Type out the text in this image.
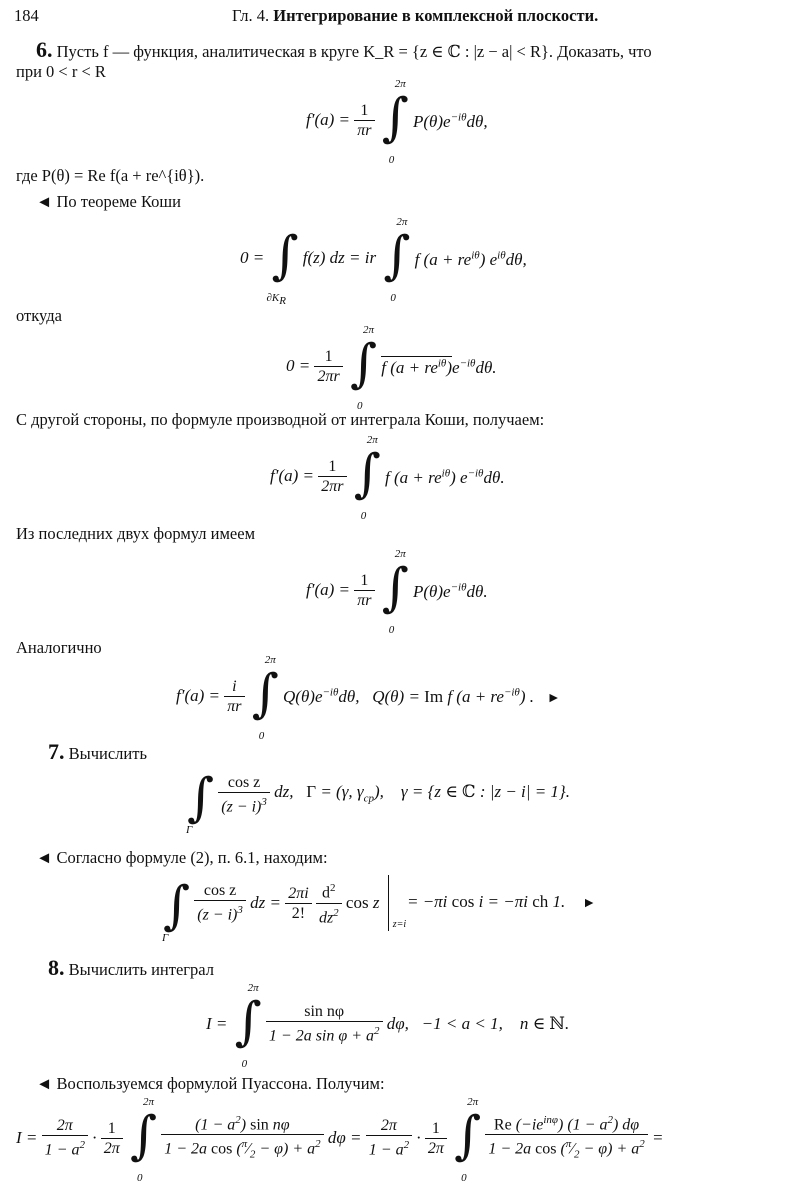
184	Гл. 4. Интегрирование в комплексной плоскости.
6. Пусть f — функция, аналитическая в круге K_R = {z ∈ ℂ : |z − a| < R}. Доказать, что
при 0 < r < R
$f'(a) = \frac{1}{\pi r}$
∫
2π
0
$P(\theta)e^{-i\theta}d\theta$,
где P(θ) = Re f(a + re^{iθ}).
◄ По теореме Коши
0 = ∫
$\partial K_R$
f(z) dz = ir ∫
2π
0
f $(a + re^{i\theta})$ $e^{i\theta}d\theta$,
откуда
$0 = \frac{1}{2\pi r}$
∫
2π
0
f $(a + re^{i\theta})e^{-i\theta}d\theta$.
С другой стороны, по формуле производной от интеграла Коши, получаем:
$f'(a) = \frac{1}{2\pi r}$
∫
2π
0
f $(a + re^{i\theta})$ $e^{-i\theta}d\theta$.
Из последних двух формул имеем
$f'(a) = \frac{1}{\pi r}$
∫
2π
0
$P(\theta)e^{-i\theta}d\theta$.
Аналогично
$f'(a) = \frac{i}{\pi r}$
∫
2π
0
$Q(\theta)e^{-i\theta}d\theta$,   Q(θ) = Im f $(a + re^{-i\theta})$ .   ►
7. Вычислить
∫
Γ

$\frac{\text{cos z}}{(z - i)^3}$ dz,   Γ = (γ, $\gamma_{cp}$),    γ = {z ∈ ℂ : |z − i| = 1}.
◄ Согласно формуле (2), п. 6.1, находим:
∫
Γ

$\frac{\text{cos z}}{(z - i)^3}$ dz = $\frac{2\pi i}{2!}$
$\frac{d^2}{dz^2}$ cos z
z=i
= −πi cos i = −πi ch 1.    ►
8. Вычислить интеграл
I = ∫
2π
0

$\frac{\text{sin nφ}}{1 - 2a \sin \varphi + a^2} d\varphi$,   −1 < a < 1,    n ∈ ℕ.
◄ Воспользуемся формулой Пуассона. Получим:
$I = \frac{2\pi}{1 - a^2} \cdot \frac{1}{2\pi}$
∫
2π
0

$\frac{(1 - a^2) \sin n\varphi}{1 - 2a \cos (^\pi⁄_2 - \varphi) + a^2}$ $d\varphi = \frac{2\pi}{1 - a^2} \cdot \frac{1}{2\pi}$
∫
2π
0

$\frac{Re (-ie^{in\varphi}) (1 - a^2) d\varphi}{1 - 2a \cos (^\pi⁄_2 - \varphi) + a^2}$ =
